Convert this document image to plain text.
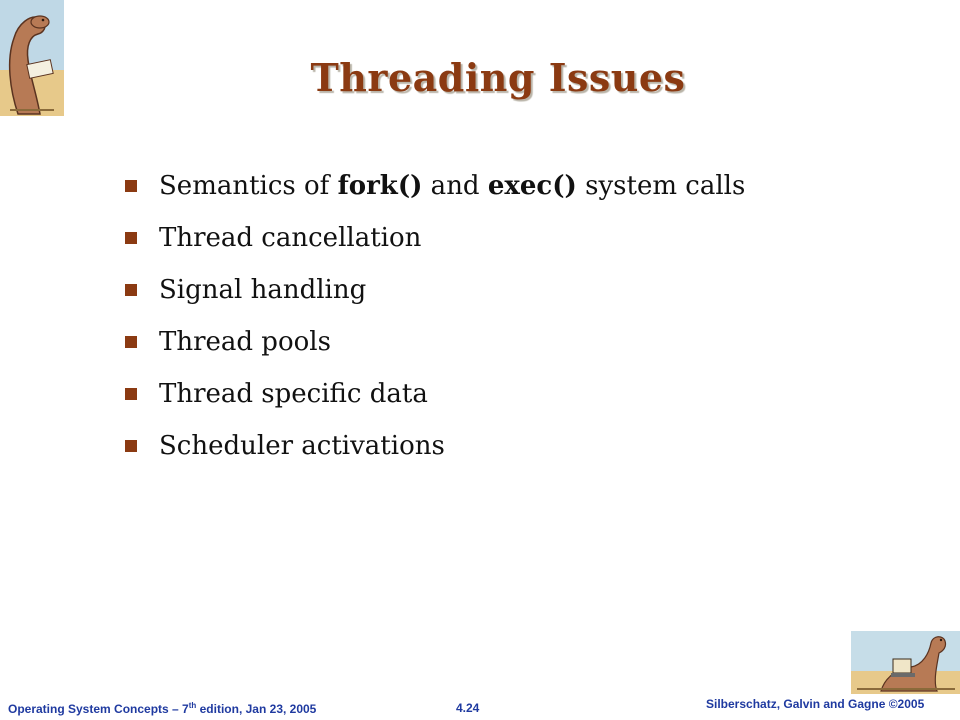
Threading Issues
Semantics of fork() and exec() system calls
Thread cancellation
Signal handling
Thread pools
Thread specific data
Scheduler activations
Operating System Concepts – 7th edition, Jan 23, 2005	4.24	Silberschatz, Galvin and Gagne ©2005
